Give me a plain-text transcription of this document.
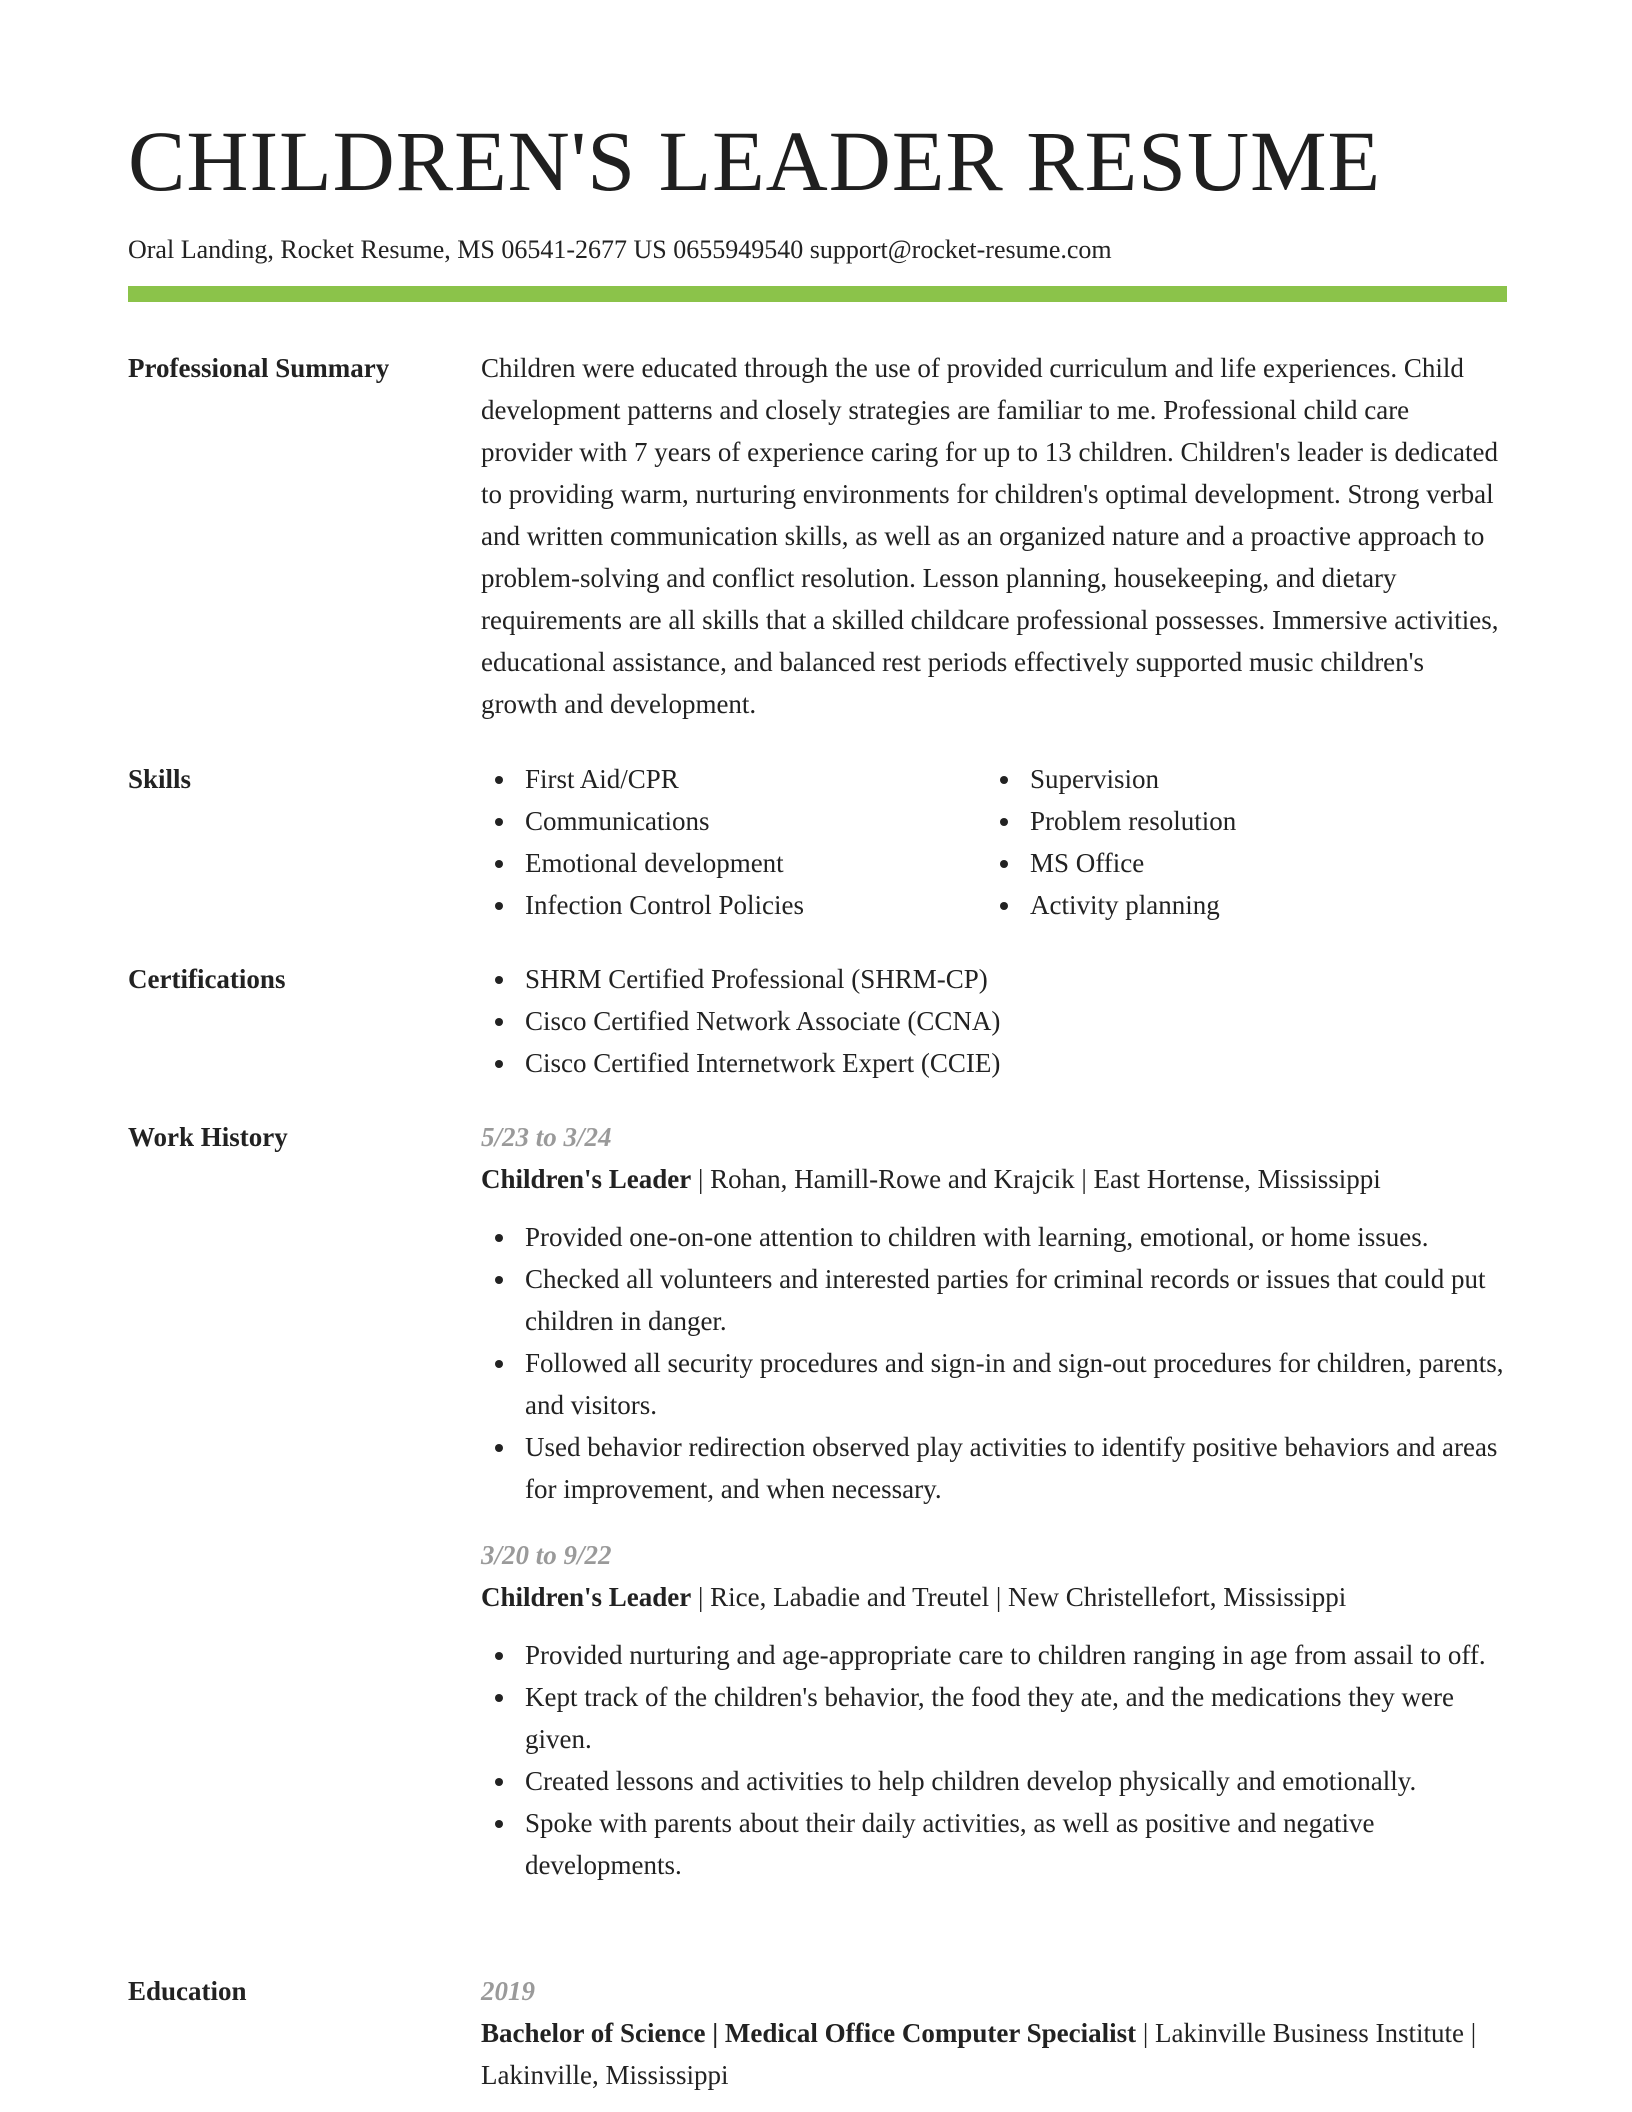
CHILDREN'S LEADER RESUME
Oral Landing, Rocket Resume, MS 06541-2677 US 0655949540 support@rocket-resume.com
Professional Summary	Children were educated through the use of provided curriculum and life experiences. Child development patterns and closely strategies are familiar to me. Professional child care provider with 7 years of experience caring for up to 13 children. Children's leader is dedicated to providing warm, nurturing environments for children's optimal development. Strong verbal and written communication skills, as well as an organized nature and a proactive approach to problem-solving and conflict resolution. Lesson planning, housekeeping, and dietary requirements are all skills that a skilled childcare professional possesses. Immersive activities, educational assistance, and balanced rest periods effectively supported music children's growth and development.

Skills	First Aid/CPR
Communications
Emotional development
Infection Control Policies
Supervision
Problem resolution
MS Office
Activity planning
Certifications	SHRM Certified Professional (SHRM-CP)
Cisco Certified Network Associate (CCNA)
Cisco Certified Internetwork Expert (CCIE)
Work History	5/23 to 3/24
Children's Leader | Rohan, Hamill-Rowe and Krajcik | East Hortense, Mississippi
Provided one-on-one attention to children with learning, emotional, or home issues.
Checked all volunteers and interested parties for criminal records or issues that could put children in danger.
Followed all security procedures and sign-in and sign-out procedures for children, parents, and visitors.
Used behavior redirection observed play activities to identify positive behaviors and areas for improvement, and when necessary.
3/20 to 9/22
Children's Leader | Rice, Labadie and Treutel | New Christellefort, Mississippi
Provided nurturing and age-appropriate care to children ranging in age from assail to off.
Kept track of the children's behavior, the food they ate, and the medications they were given.
Created lessons and activities to help children develop physically and emotionally.
Spoke with parents about their daily activities, as well as positive and negative developments.
Education	2019
Bachelor of Science | Medical Office Computer Specialist | Lakinville Business Institute | Lakinville, Mississippi
